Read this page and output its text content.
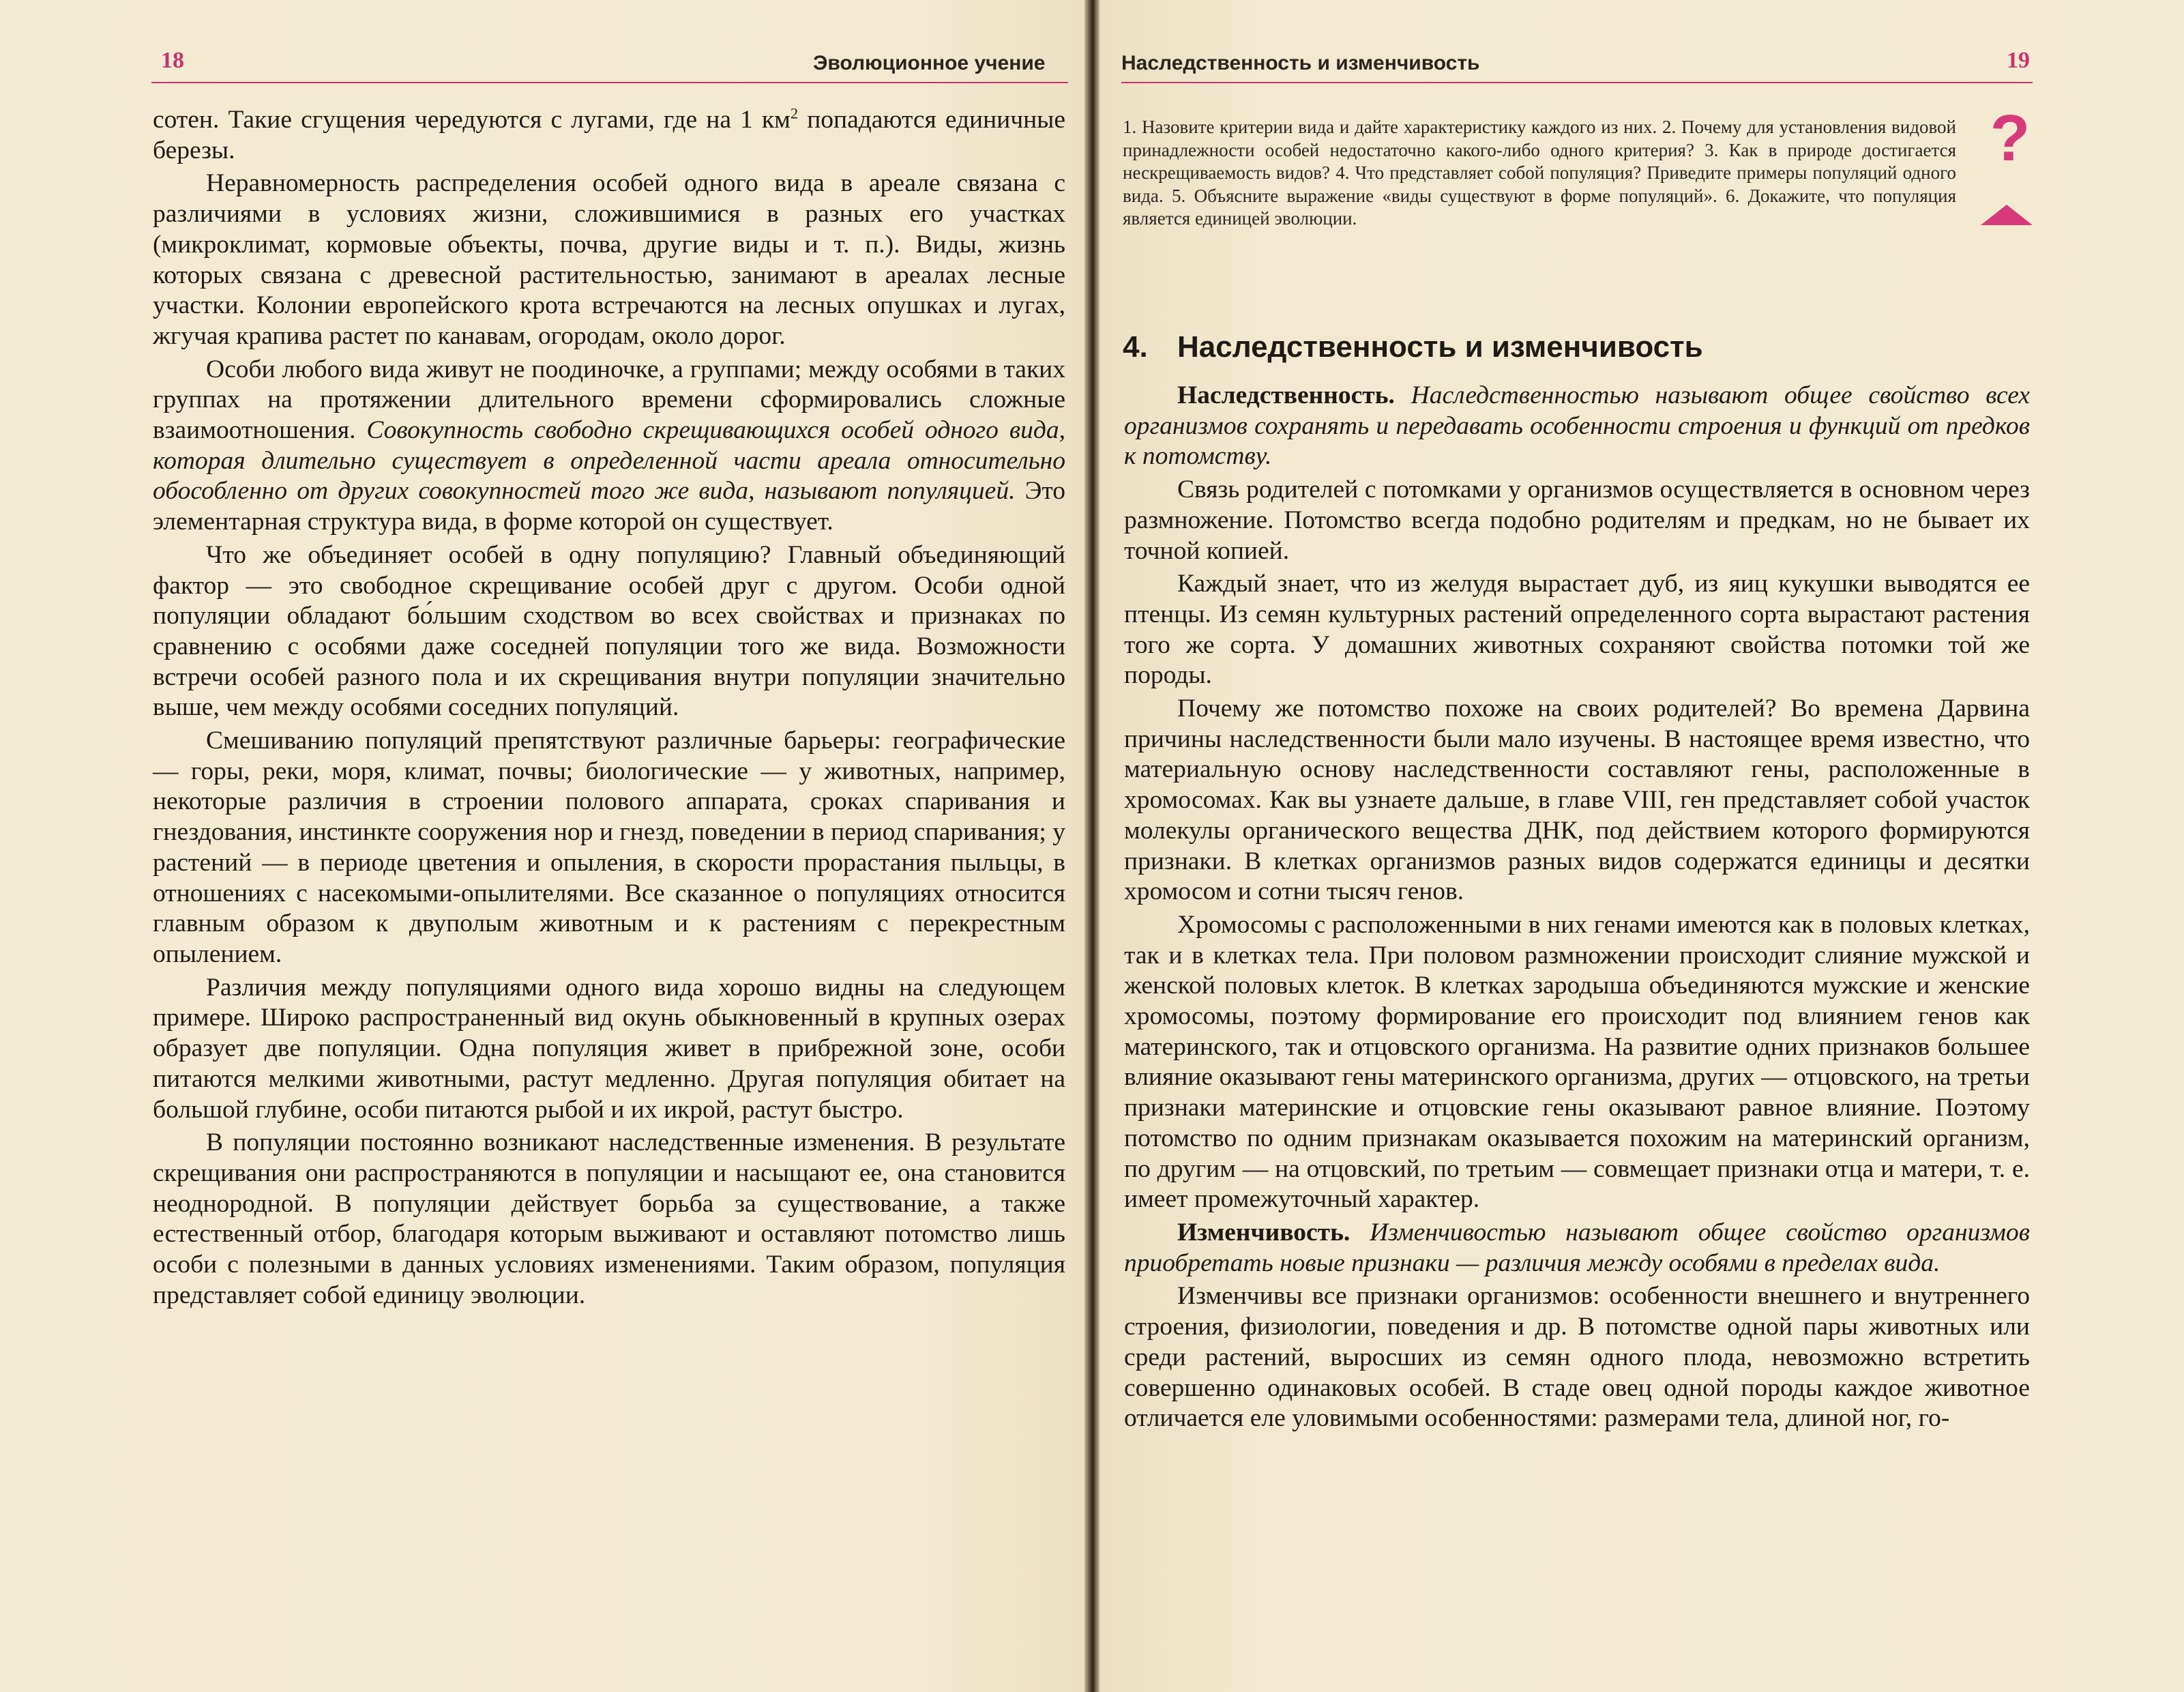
18	Эволюционное учение

сотен. Такие сгущения чередуются с лугами, где на 1 $км^2$ попадаются единичные березы.

Неравномерность распределения особей одного вида в ареале связана с различиями в условиях жизни, сложившимися в разных его участках (микроклимат, кормовые объекты, почва, другие виды и т. п.). Виды, жизнь которых связана с древесной растительностью, занимают в ареалах лесные участки. Колонии европейского крота встречаются на лесных опушках и лугах, жгучая крапива растет по канавам, огородам, около дорог.

Особи любого вида живут не поодиночке, а группами; между особями в таких группах на протяжении длительного времени сформировались сложные взаимоотношения. Совокупность свободно скрещивающихся особей одного вида, которая длительно существует в определенной части ареала относительно обособленно от других совокупностей того же вида, называют популяцией. Это элементарная структура вида, в форме которой он существует.

Что же объединяет особей в одну популяцию? Главный объединяющий фактор — это свободное скрещивание особей друг с другом. Особи одной популяции обладают бо́льшим сходством во всех свойствах и признаках по сравнению с особями даже соседней популяции того же вида. Возможности встречи особей разного пола и их скрещивания внутри популяции значительно выше, чем между особями соседних популяций.

Смешиванию популяций препятствуют различные барьеры: географические — горы, реки, моря, климат, почвы; биологические — у животных, например, некоторые различия в строении полового аппарата, сроках спаривания и гнездования, инстинкте сооружения нор и гнезд, поведении в период спаривания; у растений — в периоде цветения и опыления, в скорости прорастания пыльцы, в отношениях с насекомыми-опылителями. Все сказанное о популяциях относится главным образом к двуполым животным и к растениям с перекрестным опылением.

Различия между популяциями одного вида хорошо видны на следующем примере. Широко распространенный вид окунь обыкновенный в крупных озерах образует две популяции. Одна популяция живет в прибрежной зоне, особи питаются мелкими животными, растут медленно. Другая популяция обитает на большой глубине, особи питаются рыбой и их икрой, растут быстро.

В популяции постоянно возникают наследственные изменения. В результате скрещивания они распространяются в популяции и насыщают ее, она становится неоднородной. В популяции действует борьба за существование, а также естественный отбор, благодаря которым выживают и оставляют потомство лишь особи с полезными в данных условиях изменениями. Таким образом, популяция представляет собой единицу эволюции.

Наследственность и изменчивость	19
1. Назовите критерии вида и дайте характеристику каждого из них. 2. Почему для установления видовой принадлежности особей недостаточно какого-либо одного критерия? 3. Как в природе достигается нескрещиваемость видов? 4. Что представляет собой популяция? Приведите примеры популяций одного вида. 5. Объясните выражение «виды существуют в форме популяций». 6. Докажите, что популяция является единицей эволюции.
?
4. Наследственность и изменчивость

Наследственность. Наследственностью называют общее свойство всех организмов сохранять и передавать особенности строения и функций от предков к потомству.

Связь родителей с потомками у организмов осуществляется в основном через размножение. Потомство всегда подобно родителям и предкам, но не бывает их точной копией.

Каждый знает, что из желудя вырастает дуб, из яиц кукушки выводятся ее птенцы. Из семян культурных растений определенного сорта вырастают растения того же сорта. У домашних животных сохраняют свойства потомки той же породы.

Почему же потомство похоже на своих родителей? Во времена Дарвина причины наследственности были мало изучены. В настоящее время известно, что материальную основу наследственности составляют гены, расположенные в хромосомах. Как вы узнаете дальше, в главе VIII, ген представляет собой участок молекулы органического вещества ДНК, под действием которого формируются признаки. В клетках организмов разных видов содержатся единицы и десятки хромосом и сотни тысяч генов.

Хромосомы с расположенными в них генами имеются как в половых клетках, так и в клетках тела. При половом размножении происходит слияние мужской и женской половых клеток. В клетках зародыша объединяются мужские и женские хромосомы, поэтому формирование его происходит под влиянием генов как материнского, так и отцовского организма. На развитие одних признаков большее влияние оказывают гены материнского организма, других — отцовского, на третьи признаки материнские и отцовские гены оказывают равное влияние. Поэтому потомство по одним признакам оказывается похожим на материнский организм, по другим — на отцовский, по третьим — совмещает признаки отца и матери, т. е. имеет промежуточный характер.

Изменчивость. Изменчивостью называют общее свойство организмов приобретать новые признаки — различия между особями в пределах вида.

Изменчивы все признаки организмов: особенности внешнего и внутреннего строения, физиологии, поведения и др. В потомстве одной пары животных или среди растений, выросших из семян одного плода, невозможно встретить совершенно одинаковых особей. В стаде овец одной породы каждое животное отличается еле уловимыми особенностями: размерами тела, длиной ног, го-
